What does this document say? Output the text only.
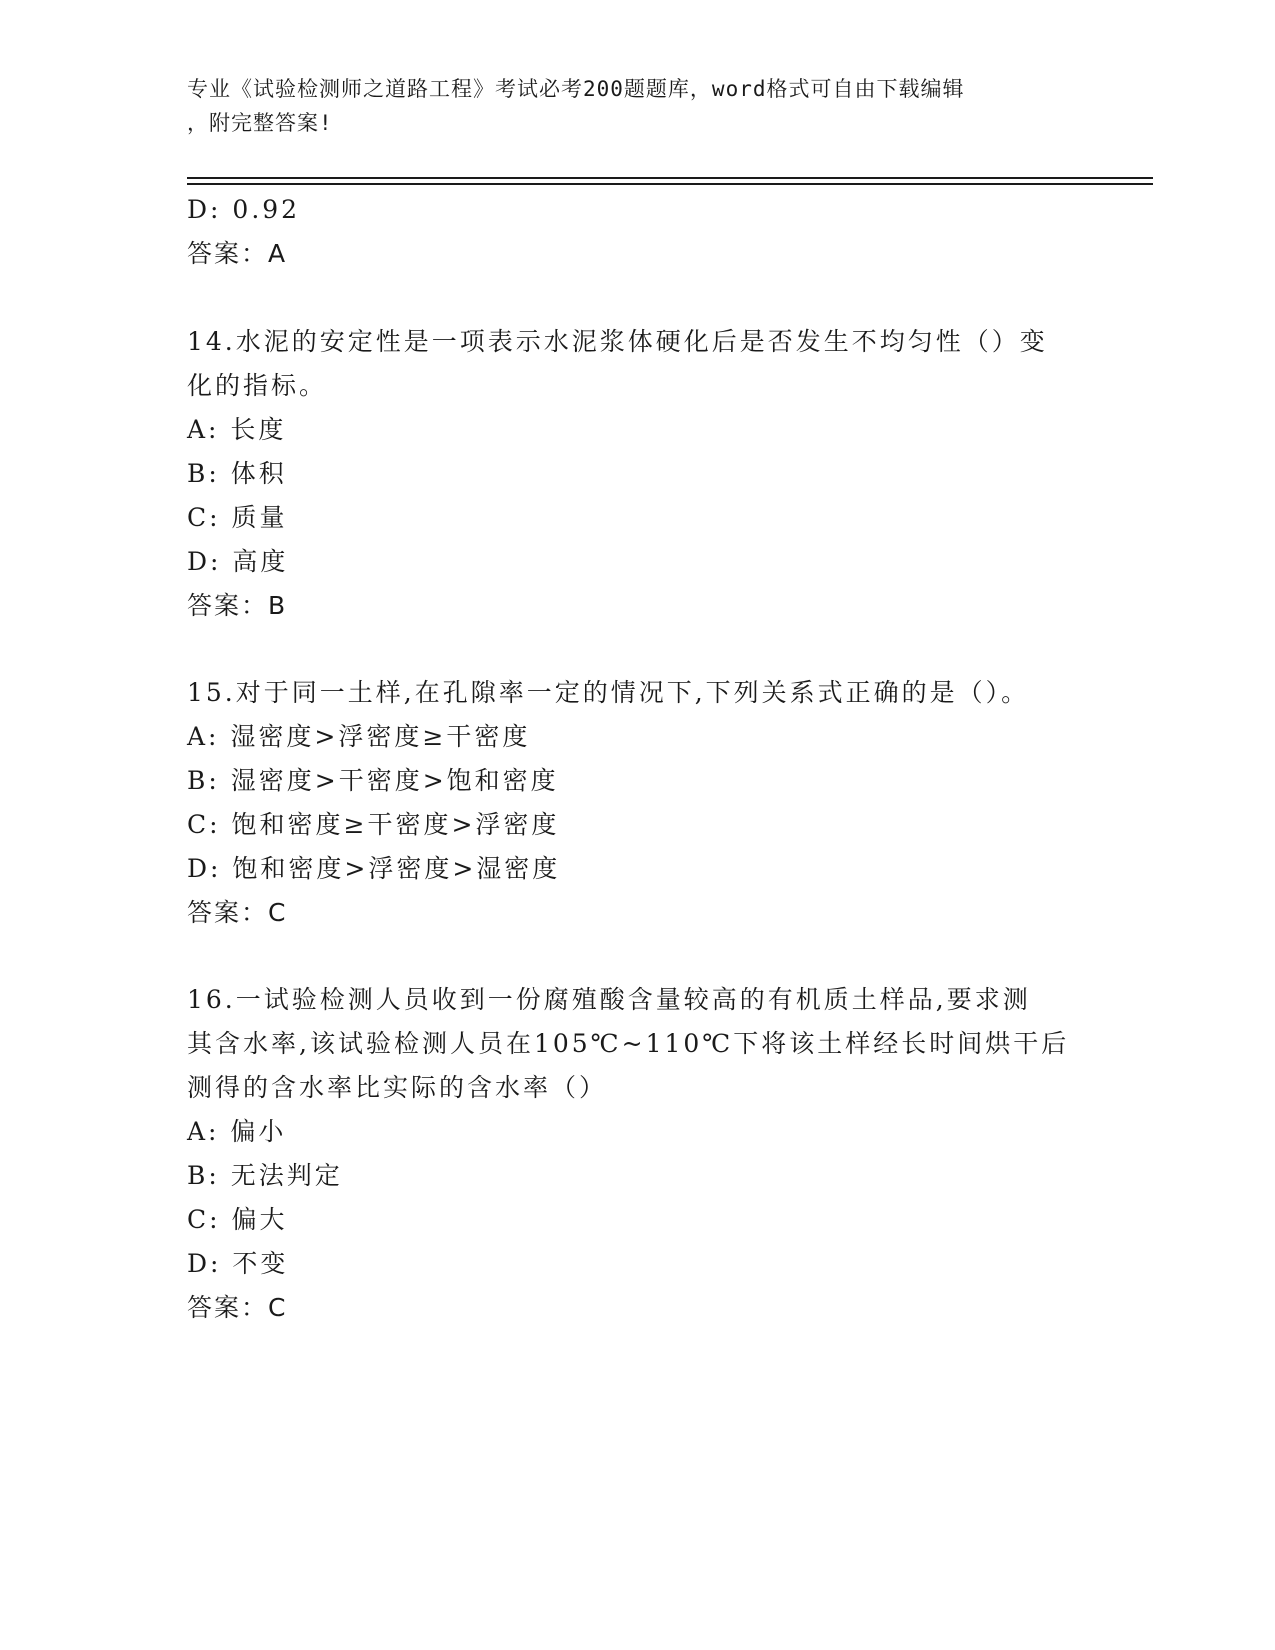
专业《试验检测师之道路工程》考试必考200题题库，word格式可自由下载编辑
，附完整答案!
D: 0.92
答案：A
14.水泥的安定性是一项表示水泥浆体硬化后是否发生不均匀性（）变
化的指标。
A: 长度
B: 体积
C: 质量
D: 高度
答案：B
15.对于同一土样,在孔隙率一定的情况下,下列关系式正确的是（）。
A: 湿密度>浮密度≥干密度
B: 湿密度>干密度>饱和密度
C: 饱和密度≥干密度>浮密度
D: 饱和密度>浮密度>湿密度
答案：C
16.一试验检测人员收到一份腐殖酸含量较高的有机质土样品,要求测
其含水率,该试验检测人员在105℃~110℃下将该土样经长时间烘干后
测得的含水率比实际的含水率（）
A: 偏小
B: 无法判定
C: 偏大
D: 不变
答案：C
